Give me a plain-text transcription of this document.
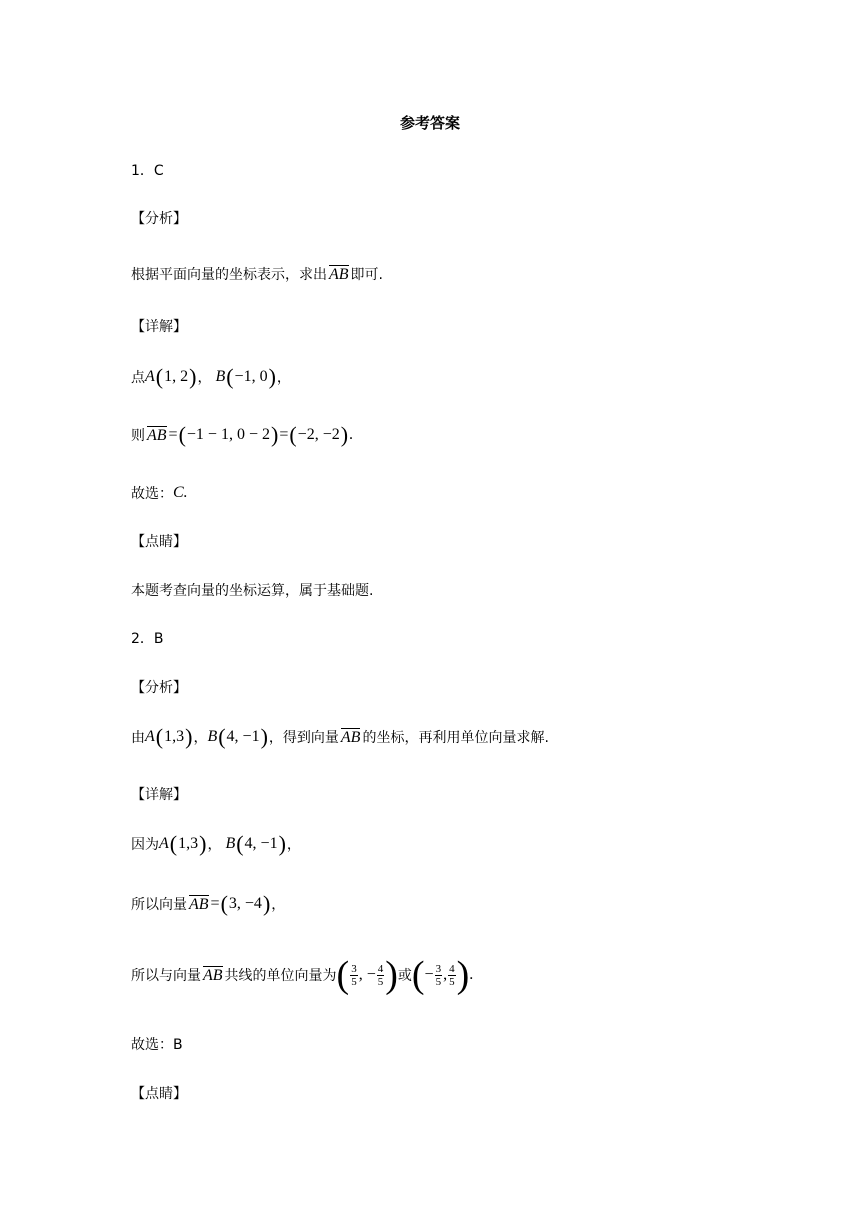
参考答案
1．C
【分析】
根据平面向量的坐标表示，求出 AB 即可.
【详解】
点 A ( 1, 2 ) ， B ( −1, 0 ) ，
则 AB = ( −1 − 1, 0 − 2 ) = ( −2, −2 ) .
故选： C.
【点睛】
本题考查向量的坐标运算，属于基础题.
2．B
【分析】
由 A ( 1,3 ) ， B ( 4, −1 ) ，得到向量 AB 的坐标，再利用单位向量求解.
【详解】
因为 A ( 1,3 ) ， B ( 4, −1 ) ，
所以向量 AB = ( 3, −4 ) ，
所以与向量 AB 共线的单位向量为 ( $\frac{3}{5}$ , − $\frac{4}{5}$ ) 或 ( − $\frac{3}{5}$ , $\frac{4}{5}$ ) .
故选：B
【点睛】
